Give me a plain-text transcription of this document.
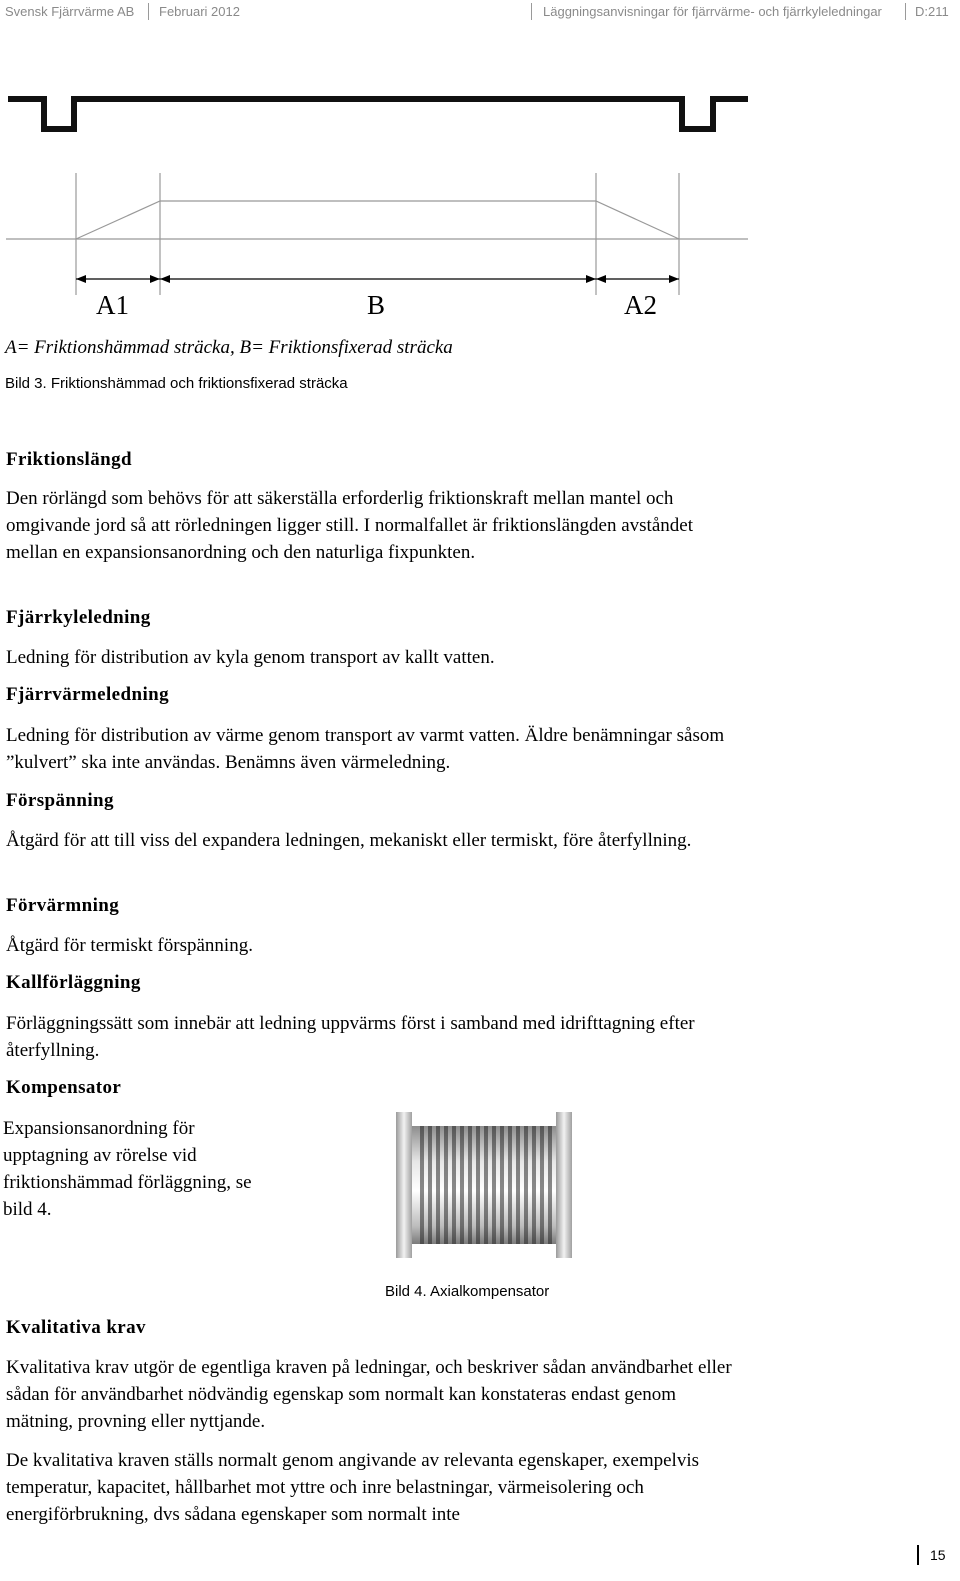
Svensk Fjärrvärme AB Februari 2012	Läggningsanvisningar för fjärrvärme- och fjärrkyleledningar	D:211
A1	B	A2
A= Friktionshämmad sträcka, B= Friktionsfixerad sträcka
Bild 3. Friktionshämmad och friktionsfixerad sträcka
Friktionslängd
Den rörlängd som behövs för att säkerställa erforderlig friktionskraft mellan mantel och omgivande jord så att rörledningen ligger still. I normalfallet är friktionslängden avståndet mellan en expansionsanordning och den naturliga fixpunkten.
Fjärrkyleledning
Ledning för distribution av kyla genom transport av kallt vatten.
Fjärrvärmeledning
Ledning för distribution av värme genom transport av varmt vatten. Äldre benämningar såsom ”kulvert” ska inte användas. Benämns även värmeledning.
Förspänning
Åtgärd för att till viss del expandera ledningen, mekaniskt eller termiskt, före återfyllning.
Förvärmning
Åtgärd för termiskt förspänning.
Kallförläggning
Förläggningssätt som innebär att ledning uppvärms först i samband med idrifttagning efter återfyllning.
Kompensator
Expansionsanordning för upptagning av rörelse vid friktionshämmad förläggning, se bild 4.
Bild 4. Axialkompensator
Kvalitativa krav
Kvalitativa krav utgör de egentliga kraven på ledningar, och beskriver sådan användbarhet eller sådan för användbarhet nödvändig egenskap som normalt kan konstateras endast genom mätning, provning eller nyttjande.
De kvalitativa kraven ställs normalt genom angivande av relevanta egenskaper, exempelvis temperatur, kapacitet, hållbarhet mot yttre och inre belastningar, värmeisolering och energiförbrukning, dvs sådana egenskaper som normalt inte
15
